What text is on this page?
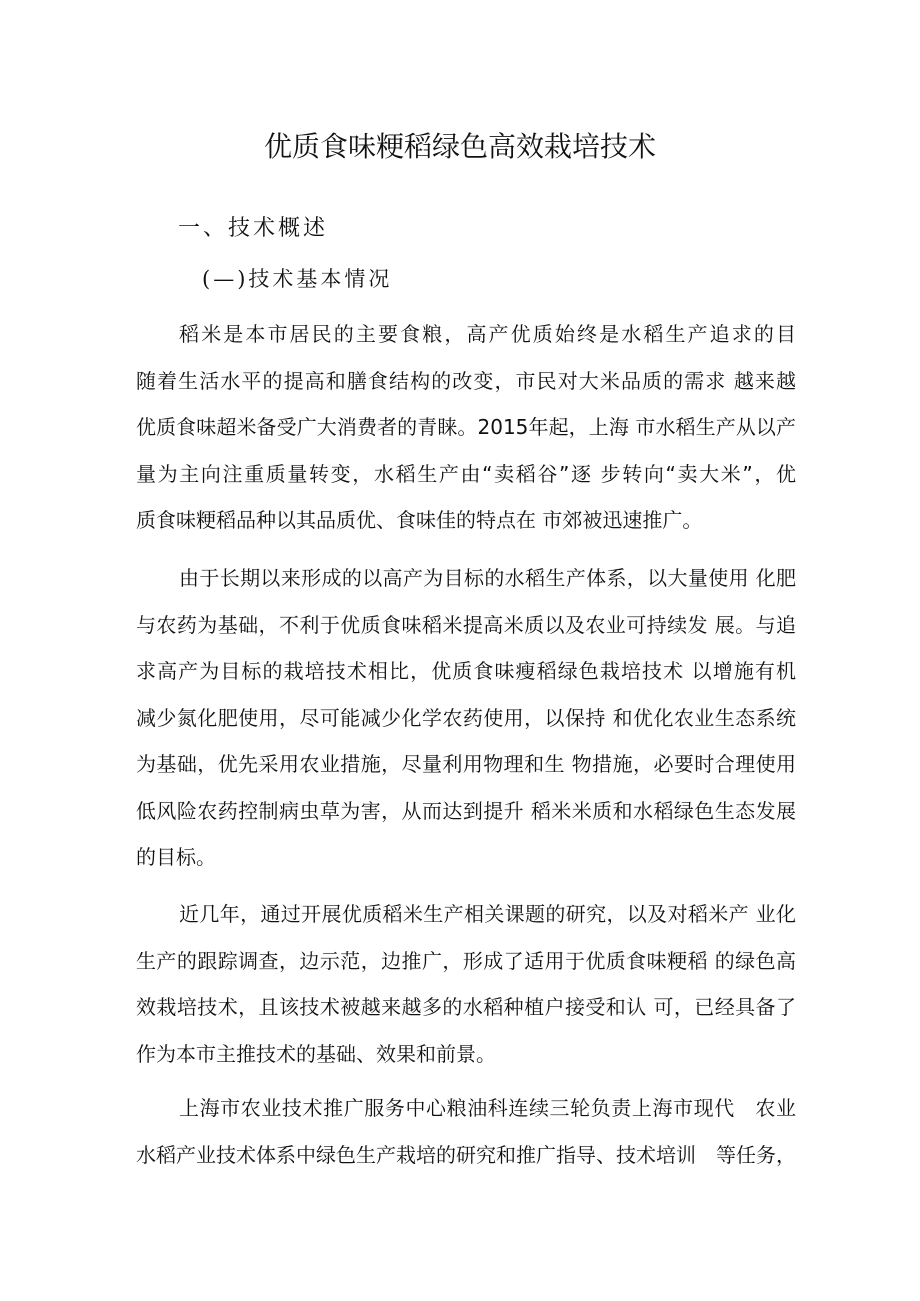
优质食味粳稻绿色高效栽培技术
一、技术概述
(—)技术基本情况
稻米是本市居民的主要食粮，高产优质始终是水稻生产追求的目　
随着生活水平的提高和膳食结构的改变，市民对大米品质的需求 越来越
优质食味超米备受广大消费者的青睐。2015年起，上海 市水稻生产从以产
量为主向注重质量转变，水稻生产由“卖稻谷”逐 步转向“卖大米”，优
质食味粳稻品种以其品质优、食味佳的特点在 市郊被迅速推广。
由于长期以来形成的以高产为目标的水稻生产体系，以大量使用 化肥
与农药为基础，不利于优质食味稻米提高米质以及农业可持续发 展。与追
求高产为目标的栽培技术相比，优质食味瘦稻绿色栽培技术 以增施有机
减少氮化肥使用，尽可能减少化学农药使用，以保持 和优化农业生态系统
为基础，优先采用农业措施，尽量利用物理和生 物措施，必要时合理使用
低风险农药控制病虫草为害，从而达到提升 稻米米质和水稻绿色生态发展
的目标。
近几年，通过开展优质稻米生产相关课题的研究，以及对稻米产 业化
生产的跟踪调查，边示范，边推广，形成了适用于优质食味粳稻 的绿色高
效栽培技术，且该技术被越来越多的水稻种植户接受和认 可，已经具备了
作为本市主推技术的基础、效果和前景。
上海市农业技术推广服务中心粮油科连续三轮负责上海市现代　农业
水稻产业技术体系中绿色生产栽培的研究和推广指导、技术培训　等任务，
